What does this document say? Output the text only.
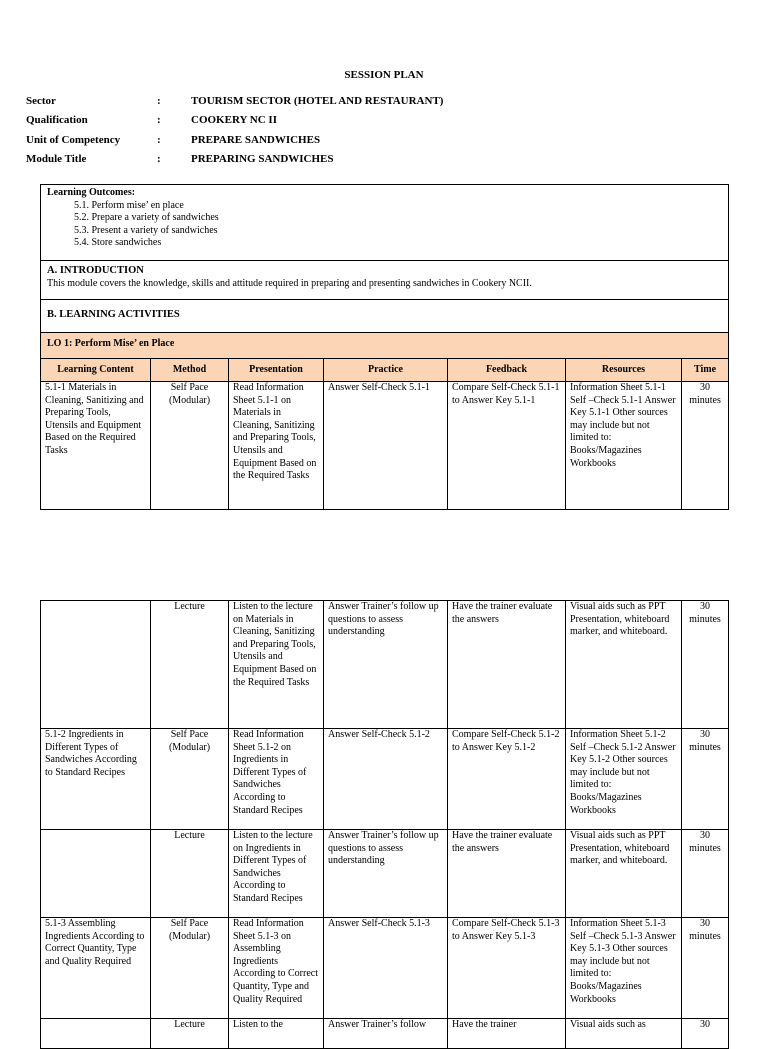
SESSION PLAN
Sector	:	TOURISM SECTOR (HOTEL AND RESTAURANT)
Qualification	:	COOKERY NC II
Unit of Competency	:	PREPARE SANDWICHES
Module Title	:	PREPARING SANDWICHES
Learning Outcomes:
5.1. Perform mise’ en place
5.2. Prepare a variety of sandwiches
5.3. Present a variety of sandwiches
5.4. Store sandwiches						

A. INTRODUCTION
This module covers the knowledge, skills and attitude required in preparing and presenting sandwiches in Cookery NCII.						

B. LEARNING ACTIVITIES						

LO 1: Perform Mise’ en Place						
Learning Content	Method	Presentation	Practice	Feedback	Resources	Time
5.1-1 Materials in Cleaning, Sanitizing and Preparing Tools, Utensils and Equipment Based on the Required Tasks	Self Pace (Modular)	Read Information Sheet 5.1-1 on Materials in Cleaning, Sanitizing and Preparing Tools, Utensils and Equipment Based on the Required Tasks	Answer Self-Check 5.1-1	Compare Self-Check 5.1-1 to Answer Key 5.1-1	Information Sheet 5.1-1 Self –Check 5.1-1 Answer Key 5.1-1 Other sources may include but not limited to: Books/Magazines Workbooks	30 minutes
	Lecture	Listen to the lecture on Materials in Cleaning, Sanitizing and Preparing Tools, Utensils and Equipment Based on the Required Tasks	Answer Trainer’s follow up questions to assess understanding	Have the trainer evaluate the answers	Visual aids such as PPT Presentation, whiteboard marker, and whiteboard.	30 minutes
5.1-2 Ingredients in Different Types of Sandwiches According to Standard Recipes	Self Pace (Modular)	Read Information Sheet 5.1-2 on Ingredients in Different Types of Sandwiches According to Standard Recipes	Answer Self-Check 5.1-2	Compare Self-Check 5.1-2 to Answer Key 5.1-2	Information Sheet 5.1-2 Self –Check 5.1-2 Answer Key 5.1-2 Other sources may include but not limited to: Books/Magazines Workbooks	30 minutes
	Lecture	Listen to the lecture on Ingredients in Different Types of Sandwiches According to Standard Recipes	Answer Trainer’s follow up questions to assess understanding	Have the trainer evaluate the answers	Visual aids such as PPT Presentation, whiteboard marker, and whiteboard.	30 minutes
5.1-3 Assembling Ingredients According to Correct Quantity, Type and Quality Required	Self Pace (Modular)	Read Information Sheet 5.1-3 on Assembling Ingredients According to Correct Quantity, Type and Quality Required	Answer Self-Check 5.1-3	Compare Self-Check 5.1-3 to Answer Key 5.1-3	Information Sheet 5.1-3 Self –Check 5.1-3 Answer Key 5.1-3 Other sources may include but not limited to: Books/Magazines Workbooks	30 minutes
	Lecture	Listen to the	Answer Trainer’s follow	Have the trainer	Visual aids such as	30
